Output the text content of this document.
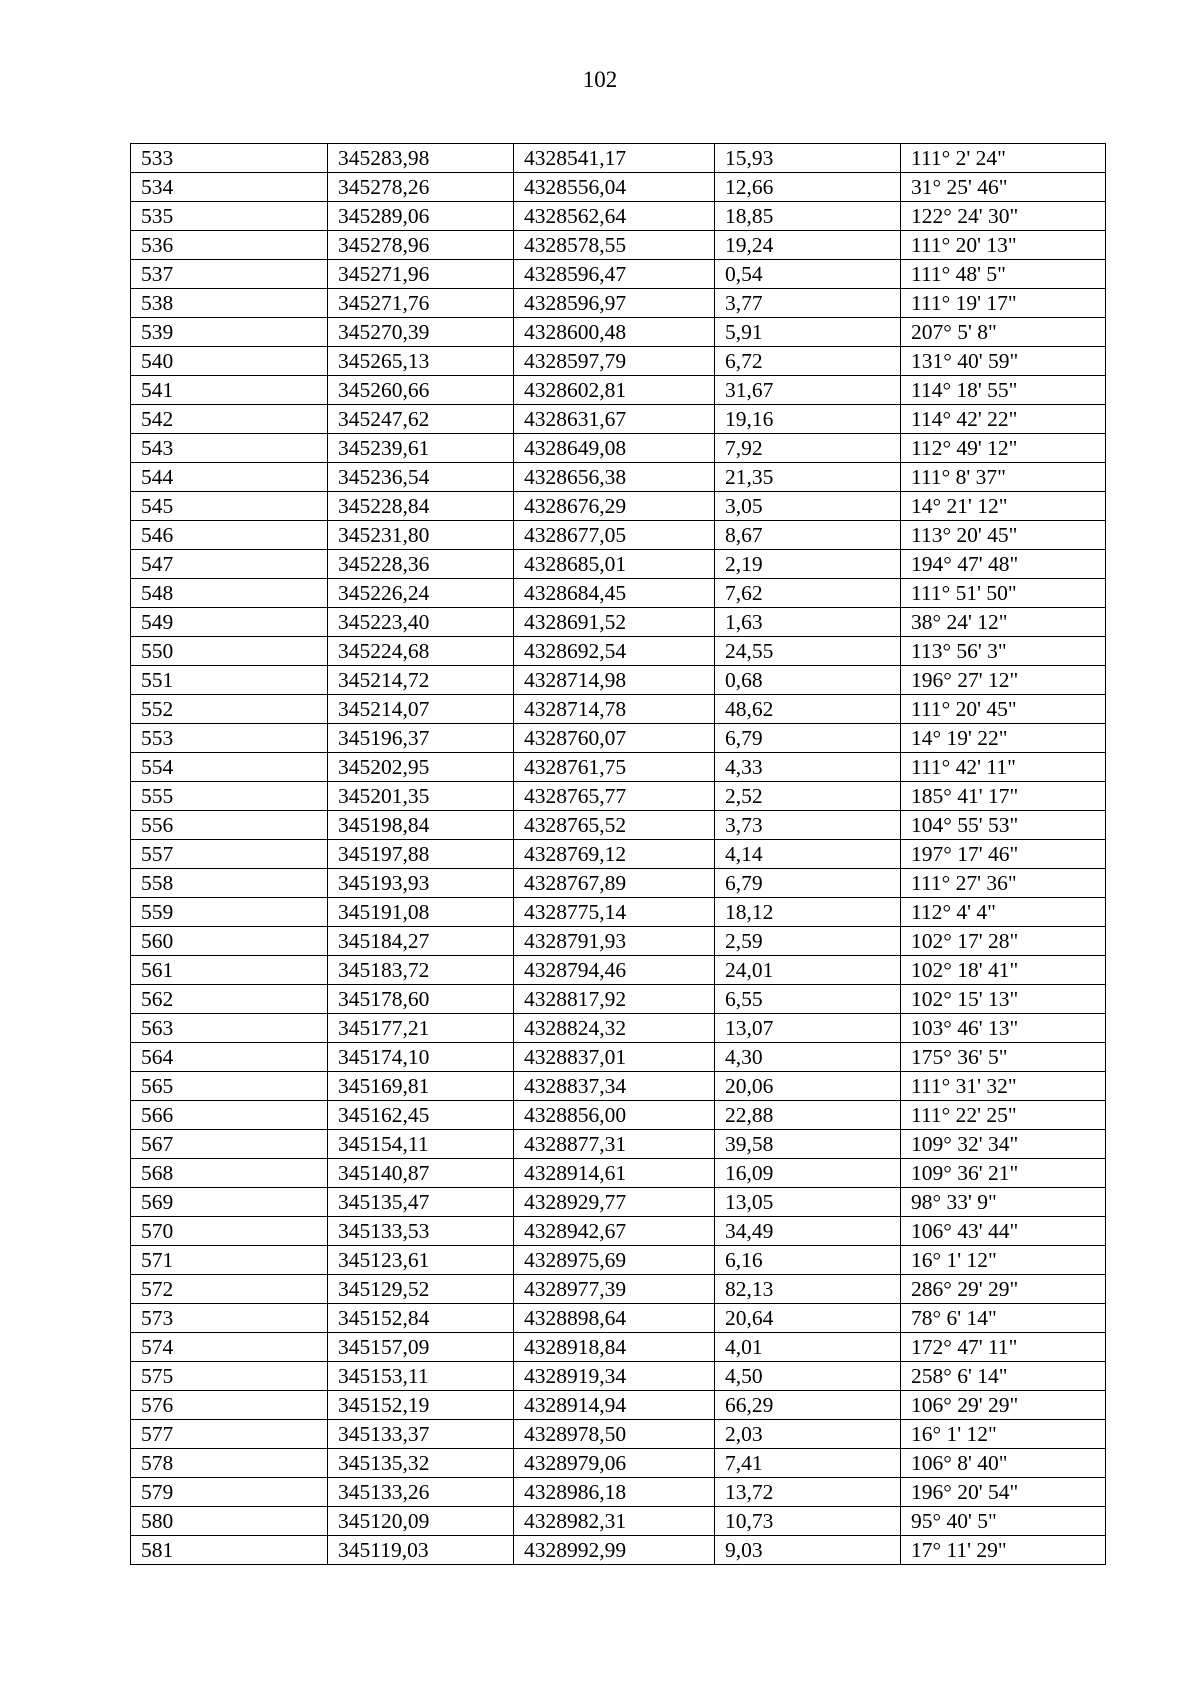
102
533	345283,98	4328541,17	15,93	111° 2' 24"
534	345278,26	4328556,04	12,66	31° 25' 46"
535	345289,06	4328562,64	18,85	122° 24' 30"
536	345278,96	4328578,55	19,24	111° 20' 13"
537	345271,96	4328596,47	0,54	111° 48' 5"
538	345271,76	4328596,97	3,77	111° 19' 17"
539	345270,39	4328600,48	5,91	207° 5' 8"
540	345265,13	4328597,79	6,72	131° 40' 59"
541	345260,66	4328602,81	31,67	114° 18' 55"
542	345247,62	4328631,67	19,16	114° 42' 22"
543	345239,61	4328649,08	7,92	112° 49' 12"
544	345236,54	4328656,38	21,35	111° 8' 37"
545	345228,84	4328676,29	3,05	14° 21' 12"
546	345231,80	4328677,05	8,67	113° 20' 45"
547	345228,36	4328685,01	2,19	194° 47' 48"
548	345226,24	4328684,45	7,62	111° 51' 50"
549	345223,40	4328691,52	1,63	38° 24' 12"
550	345224,68	4328692,54	24,55	113° 56' 3"
551	345214,72	4328714,98	0,68	196° 27' 12"
552	345214,07	4328714,78	48,62	111° 20' 45"
553	345196,37	4328760,07	6,79	14° 19' 22"
554	345202,95	4328761,75	4,33	111° 42' 11"
555	345201,35	4328765,77	2,52	185° 41' 17"
556	345198,84	4328765,52	3,73	104° 55' 53"
557	345197,88	4328769,12	4,14	197° 17' 46"
558	345193,93	4328767,89	6,79	111° 27' 36"
559	345191,08	4328775,14	18,12	112° 4' 4"
560	345184,27	4328791,93	2,59	102° 17' 28"
561	345183,72	4328794,46	24,01	102° 18' 41"
562	345178,60	4328817,92	6,55	102° 15' 13"
563	345177,21	4328824,32	13,07	103° 46' 13"
564	345174,10	4328837,01	4,30	175° 36' 5"
565	345169,81	4328837,34	20,06	111° 31' 32"
566	345162,45	4328856,00	22,88	111° 22' 25"
567	345154,11	4328877,31	39,58	109° 32' 34"
568	345140,87	4328914,61	16,09	109° 36' 21"
569	345135,47	4328929,77	13,05	98° 33' 9"
570	345133,53	4328942,67	34,49	106° 43' 44"
571	345123,61	4328975,69	6,16	16° 1' 12"
572	345129,52	4328977,39	82,13	286° 29' 29"
573	345152,84	4328898,64	20,64	78° 6' 14"
574	345157,09	4328918,84	4,01	172° 47' 11"
575	345153,11	4328919,34	4,50	258° 6' 14"
576	345152,19	4328914,94	66,29	106° 29' 29"
577	345133,37	4328978,50	2,03	16° 1' 12"
578	345135,32	4328979,06	7,41	106° 8' 40"
579	345133,26	4328986,18	13,72	196° 20' 54"
580	345120,09	4328982,31	10,73	95° 40' 5"
581	345119,03	4328992,99	9,03	17° 11' 29"
